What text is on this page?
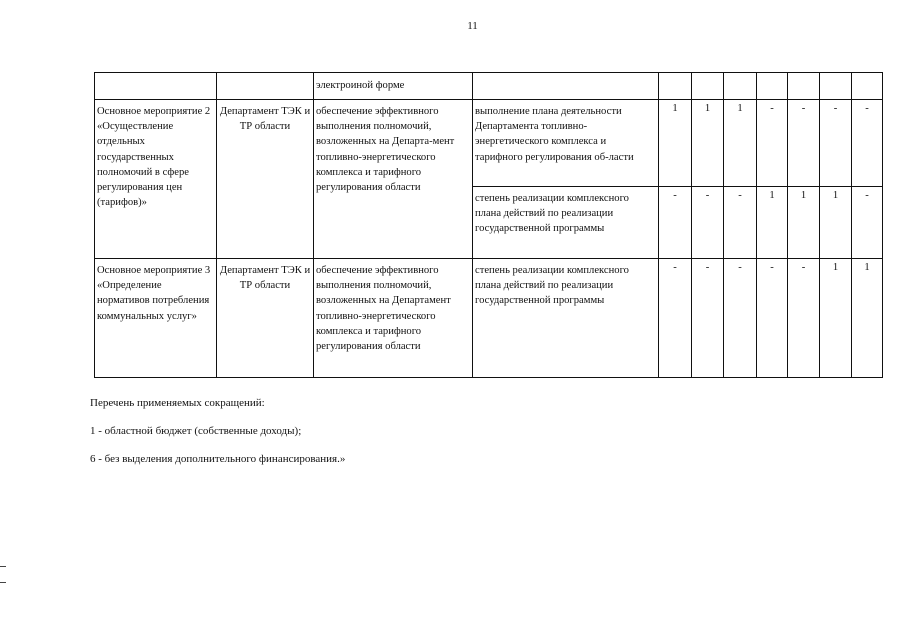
11
		электроиной форме								
Основное мероприятие 2 «Осуществление отдельных государственных полномочий в сфере регулирования цен (тарифов)»	Департамент ТЭК и ТР области	обеспечение эффективного выполнения полномочий, возложенных на Департа-мент топливно-энергетического комплекса и тарифного регулирования области	выполнение плана деятельности Департамента топливно-энергетического комплекса и тарифного регулирования об-ласти	1	1	1	-	-	-	-
			степень реализации комплексного плана действий по реализации государственной программы	-	-	-	1	1	1	-
Основное мероприятие 3 «Определение нормативов потребления коммунальных услуг»	Департамент ТЭК и ТР области	обеспечение эффективного выполнения полномочий, возложенных на Департамент топливно-энергетического комплекса и тарифного регулирования области	степень реализации комплексного плана действий по реализации государственной программы	-	-	-	-	-	1	1

Перечень применяемых сокращений:

1 - областной бюджет (собственные доходы);

6 - без выделения дополнительного финансирования.»
